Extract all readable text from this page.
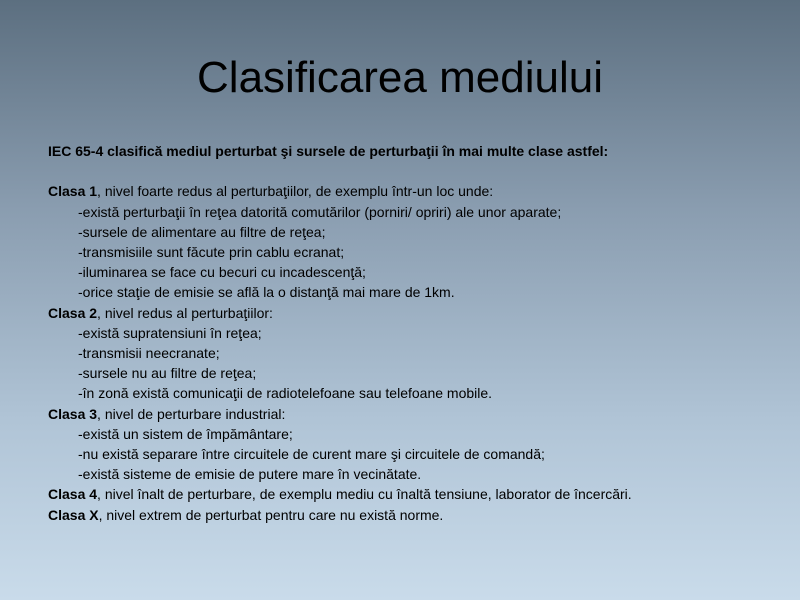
Clasificarea mediului
IEC 65-4 clasifică mediul perturbat şi sursele de perturbaţii în mai multe clase astfel:
Clasa 1, nivel foarte redus al perturbaţiilor, de exemplu într-un loc unde:
-există perturbaţii în reţea datorită comutărilor (porniri/ opriri) ale unor aparate;
-sursele de alimentare au filtre de reţea;
-transmisiile sunt făcute prin cablu ecranat;
-iluminarea se face cu becuri cu incadescenţă;
-orice staţie de emisie se află la o distanţă mai mare de 1km.
Clasa 2, nivel redus al perturbaţiilor:
-există supratensiuni în reţea;
-transmisii neecranate;
-sursele nu au filtre de reţea;
-în zonă există comunicaţii de radiotelefoane sau telefoane mobile.
Clasa 3, nivel de perturbare industrial:
-există un sistem de împământare;
-nu există separare între circuitele de curent mare şi circuitele de comandă;
-există sisteme de emisie de putere mare în vecinătate.
Clasa 4, nivel înalt de perturbare, de exemplu mediu cu înaltă tensiune, laborator de încercări.
Clasa X, nivel extrem de perturbat pentru care nu există norme.
